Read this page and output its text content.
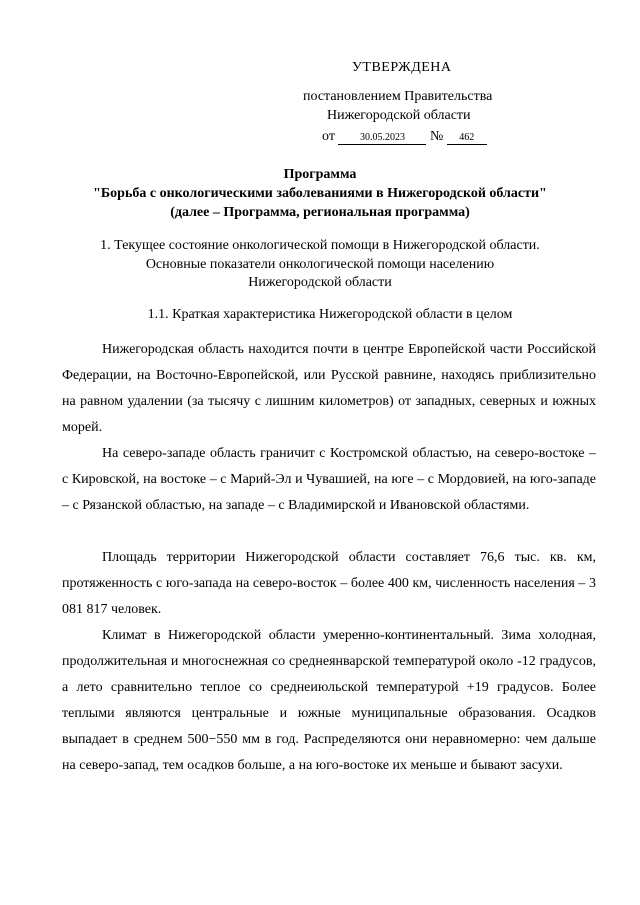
УТВЕРЖДЕНА
постановлением Правительства
Нижегородской области
от	30.05.2023 № 462
Программа
"Борьба с онкологическими заболеваниями в Нижегородской области"
(далее – Программа, региональная программа)
1. Текущее состояние онкологической помощи в Нижегородской области.
Основные показатели онкологической помощи населению
Нижегородской области
1.1. Краткая характеристика Нижегородской области в целом

Нижегородская область находится почти в центре Европейской части Российской Федерации, на Восточно-Европейской, или Русской равнине, находясь приблизительно на равном удалении (за тысячу с лишним километров) от западных, северных и южных морей.

На северо-западе область граничит с Костромской областью, на северо-востоке – с Кировской, на востоке – с Марий-Эл и Чувашией, на юге – с Мордовией, на юго-западе – с Рязанской областью, на западе – с Владимирской и Ивановской областями.

Площадь территории Нижегородской области составляет 76,6 тыс. кв. км, протяженность с юго-запада на северо-восток – более 400 км, численность населения – 3 081 817 человек.

Климат в Нижегородской области умеренно-континентальный. Зима холодная, продолжительная и многоснежная со среднеянварской температурой около -12 градусов, а лето сравнительно теплое со среднеиюльской температурой +19 градусов. Более теплыми являются центральные и южные муниципальные образования. Осадков выпадает в среднем 500−550 мм в год. Распределяются они неравномерно: чем дальше на северо-запад, тем осадков больше, а на юго-востоке их меньше и бывают засухи.
